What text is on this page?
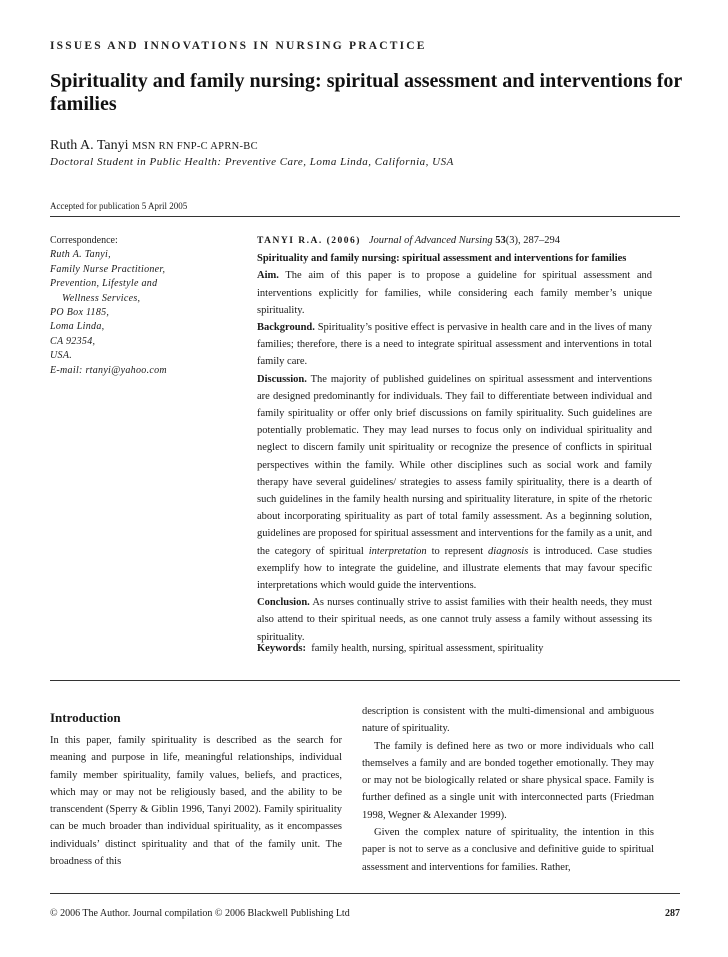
ISSUES AND INNOVATIONS IN NURSING PRACTICE
Spirituality and family nursing: spiritual assessment and interventions for families
Ruth A. Tanyi MSN RN FNP-C APRN-BC
Doctoral Student in Public Health: Preventive Care, Loma Linda, California, USA
Accepted for publication 5 April 2005
Correspondence:
Ruth A. Tanyi,
Family Nurse Practitioner,
Prevention, Lifestyle and
Wellness Services,
PO Box 1185,
Loma Linda,
CA 92354,
USA.
E-mail: rtanyi@yahoo.com

TANYI R.A. (2006) Journal of Advanced Nursing 53(3), 287–294

Spirituality and family nursing: spiritual assessment and interventions for families

Aim. The aim of this paper is to propose a guideline for spiritual assessment and interventions explicitly for families, while considering each family member’s unique spirituality.

Background. Spirituality’s positive effect is pervasive in health care and in the lives of many families; therefore, there is a need to integrate spiritual assessment and interventions in total family care.

Discussion. The majority of published guidelines on spiritual assessment and interventions are designed predominantly for individuals. They fail to differentiate between individual and family spirituality or offer only brief discussions on family spirituality. Such guidelines are potentially problematic. They may lead nurses to focus only on individual spirituality and neglect to discern family unit spirituality or recognize the presence of conflicts in spiritual perspectives within the family. While other disciplines such as social work and family therapy have several guidelines/ strategies to assess family spirituality, there is a dearth of such guidelines in the family health nursing and spirituality literature, in spite of the rhetoric about incorporating spirituality as part of total family assessment. As a beginning solution, guidelines are proposed for spiritual assessment and interventions for the family as a unit, and the category of spiritual interpretation to represent diagnosis is introduced. Case studies exemplify how to integrate the guideline, and illustrate elements that may favour specific interpretations which would guide the interventions.

Conclusion. As nurses continually strive to assist families with their health needs, they must also attend to their spiritual needs, as one cannot truly assess a family without assessing its spirituality.

Keywords: family health, nursing, spiritual assessment, spirituality
Introduction

In this paper, family spirituality is described as the search for meaning and purpose in life, meaningful relationships, individual family member spirituality, family values, beliefs, and practices, which may or may not be religiously based, and the ability to be transcendent (Sperry & Giblin 1996, Tanyi 2002). Family spirituality can be much broader than individual spirituality, as it encompasses individuals’ distinct spirituality and that of the family unit. The broadness of this

description is consistent with the multi-dimensional and ambiguous nature of spirituality.

The family is defined here as two or more individuals who call themselves a family and are bonded together emotionally. They may or may not be biologically related or share physical space. Family is further defined as a single unit with interconnected parts (Friedman 1998, Wegner & Alexander 1999).

Given the complex nature of spirituality, the intention in this paper is not to serve as a conclusive and definitive guide to spiritual assessment and interventions for families. Rather,

© 2006 The Author. Journal compilation © 2006 Blackwell Publishing Ltd	287
